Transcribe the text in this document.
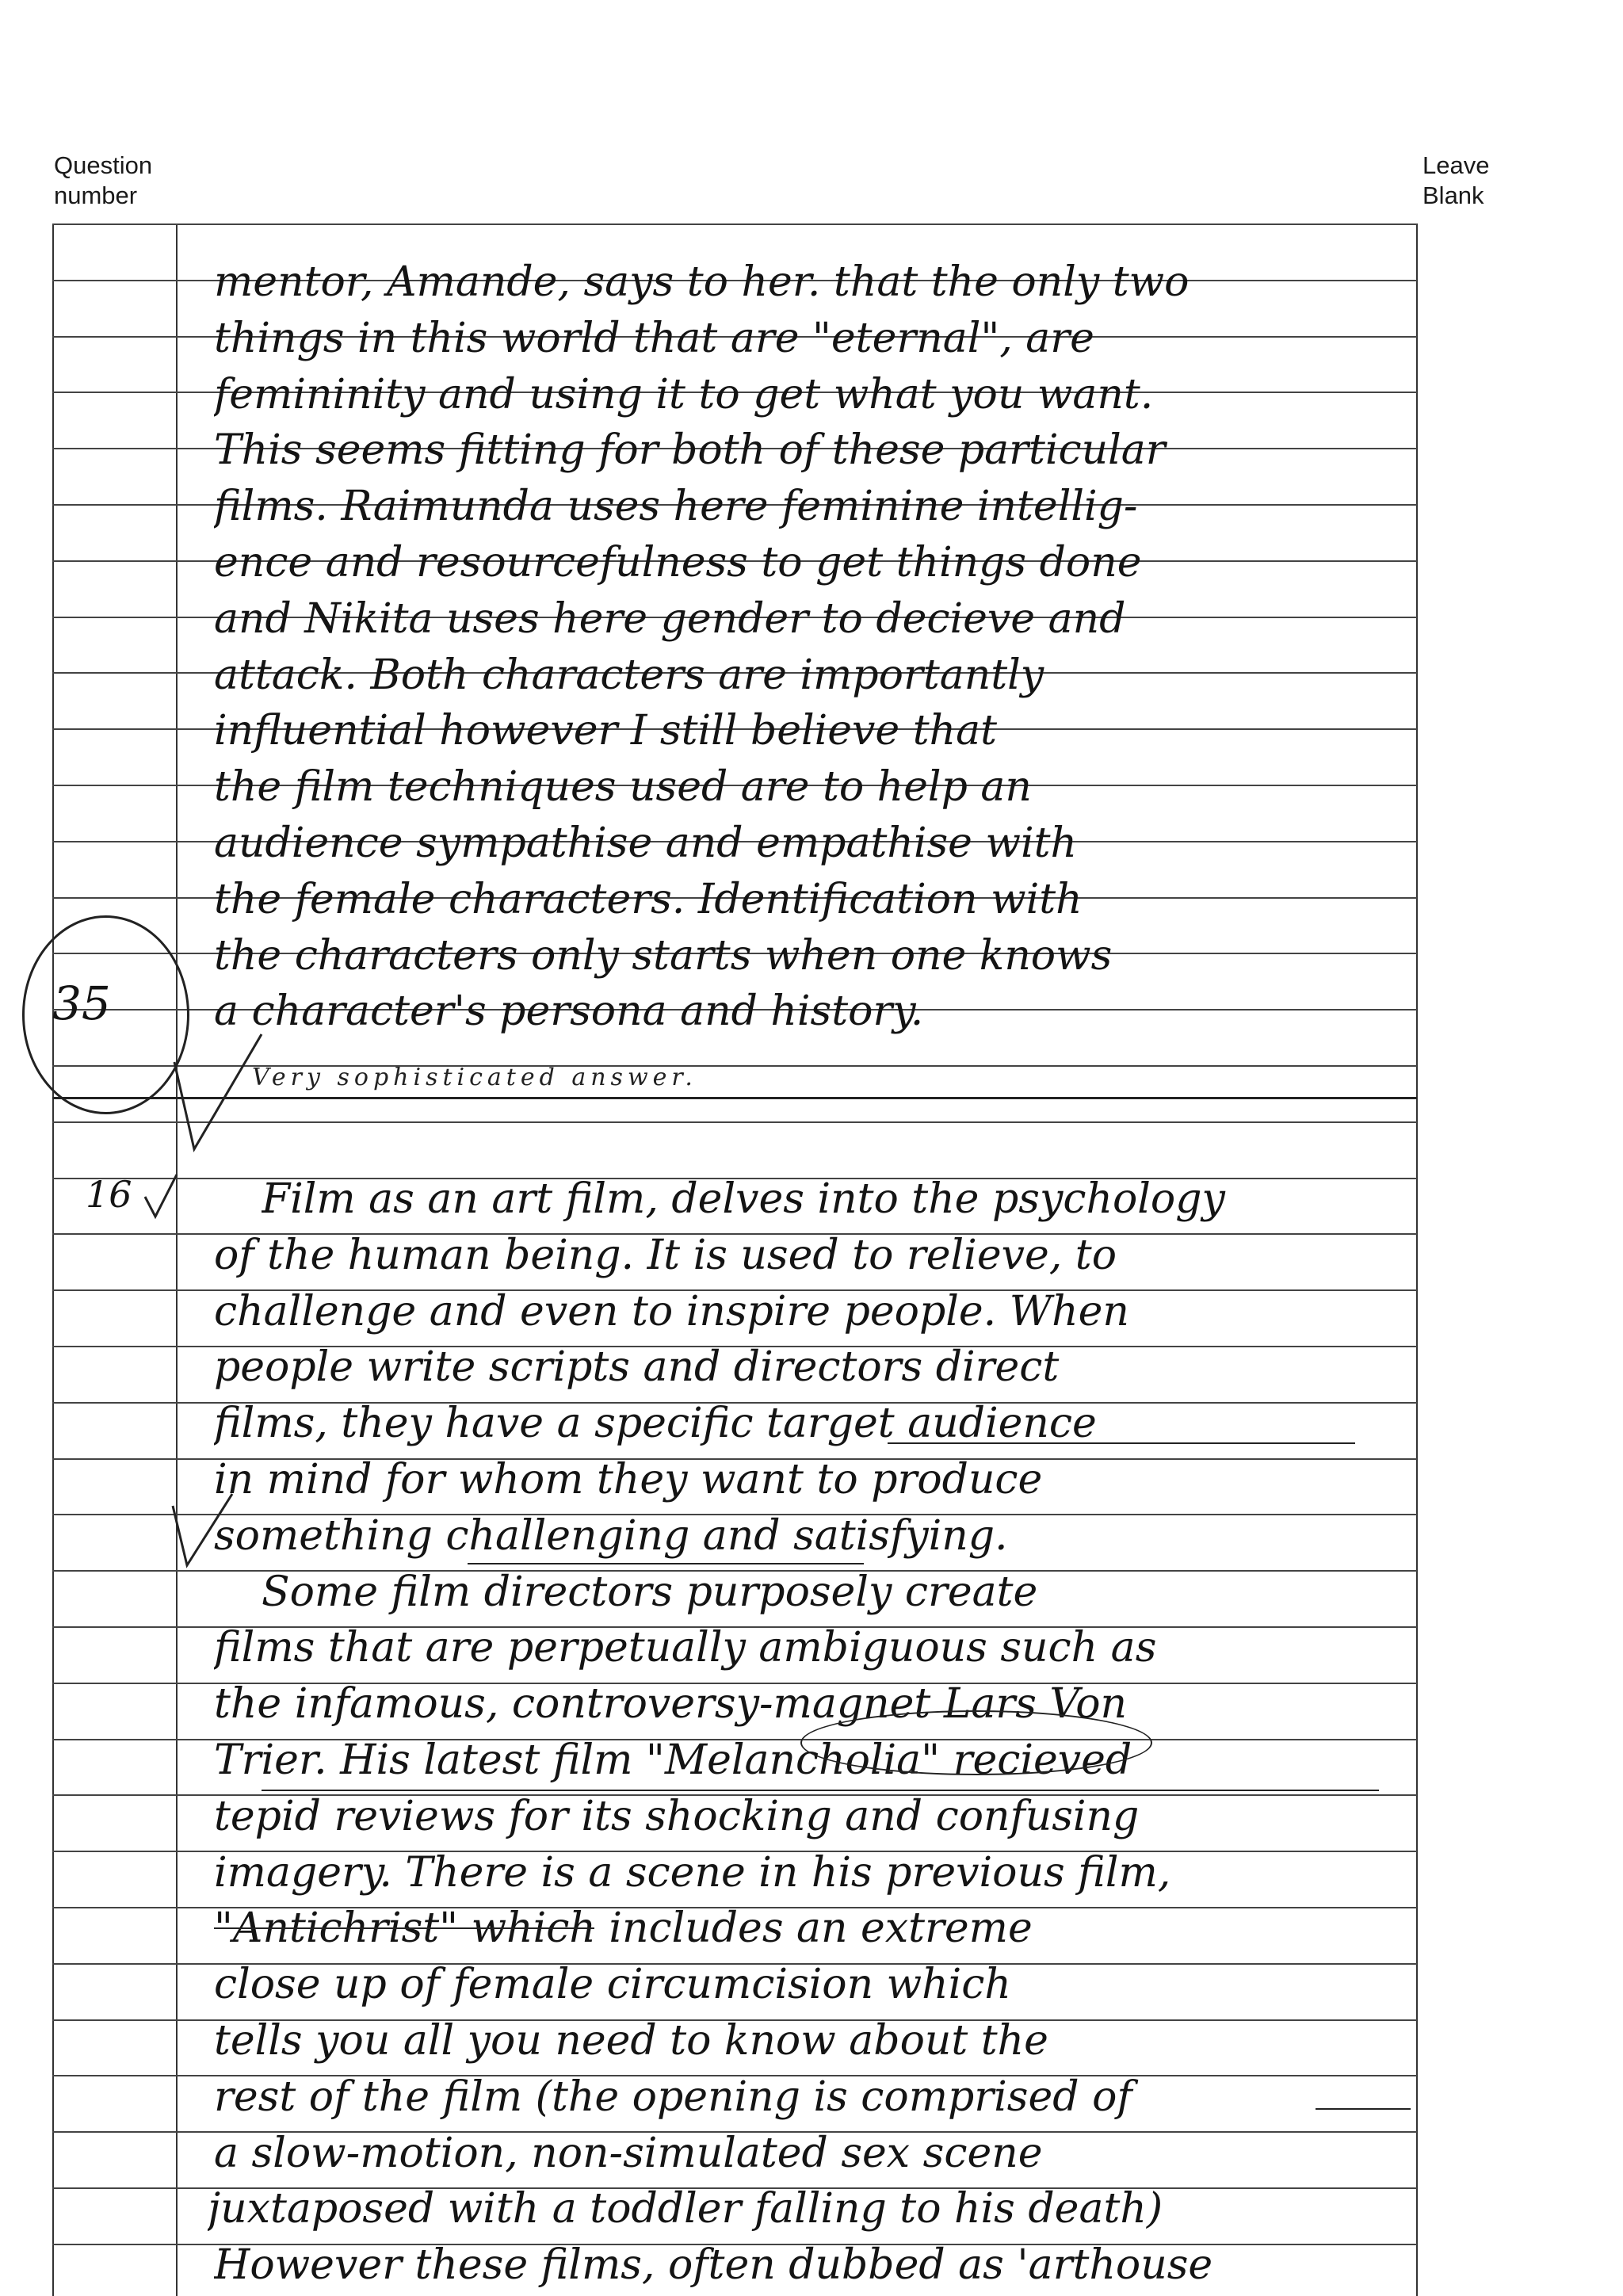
Question
number
Leave
Blank
mentor, Amande, says to her. that the only two
things in this world that are "eternal", are
femininity and using it to get what you want.
This seems fitting for both of these particular
films. Raimunda uses here feminine intellig-
ence and resourcefulness to get things done
and Nikita uses here gender to decieve and
attack. Both characters are importantly
influential however I still believe that
the film techniques used are to help an
audience sympathise and empathise with
the female characters. Identification with
the characters only starts when one knows
a character's persona and history.
35
Very sophisticated answer.
16	Film as an art film, delves into the psychology
of the human being. It is used to relieve, to
challenge and even to inspire people. When
people write scripts and directors direct
films, they have a specific target audience
in mind for whom they want to produce
something challenging and satisfying.
Some film directors purposely create
films that are perpetually ambiguous such as
the infamous, controversy-magnet Lars Von
Trier. His latest film "Melancholia" recieved
tepid reviews for its shocking and confusing
imagery. There is a scene in his previous film,
"Antichrist" which includes an extreme
close up of female circumcision which
tells you all you need to know about the
rest of the film (the opening is comprised of
a slow-motion, non-simulated sex scene
juxtaposed with a toddler falling to his death)
However these films, often dubbed as 'arthouse
